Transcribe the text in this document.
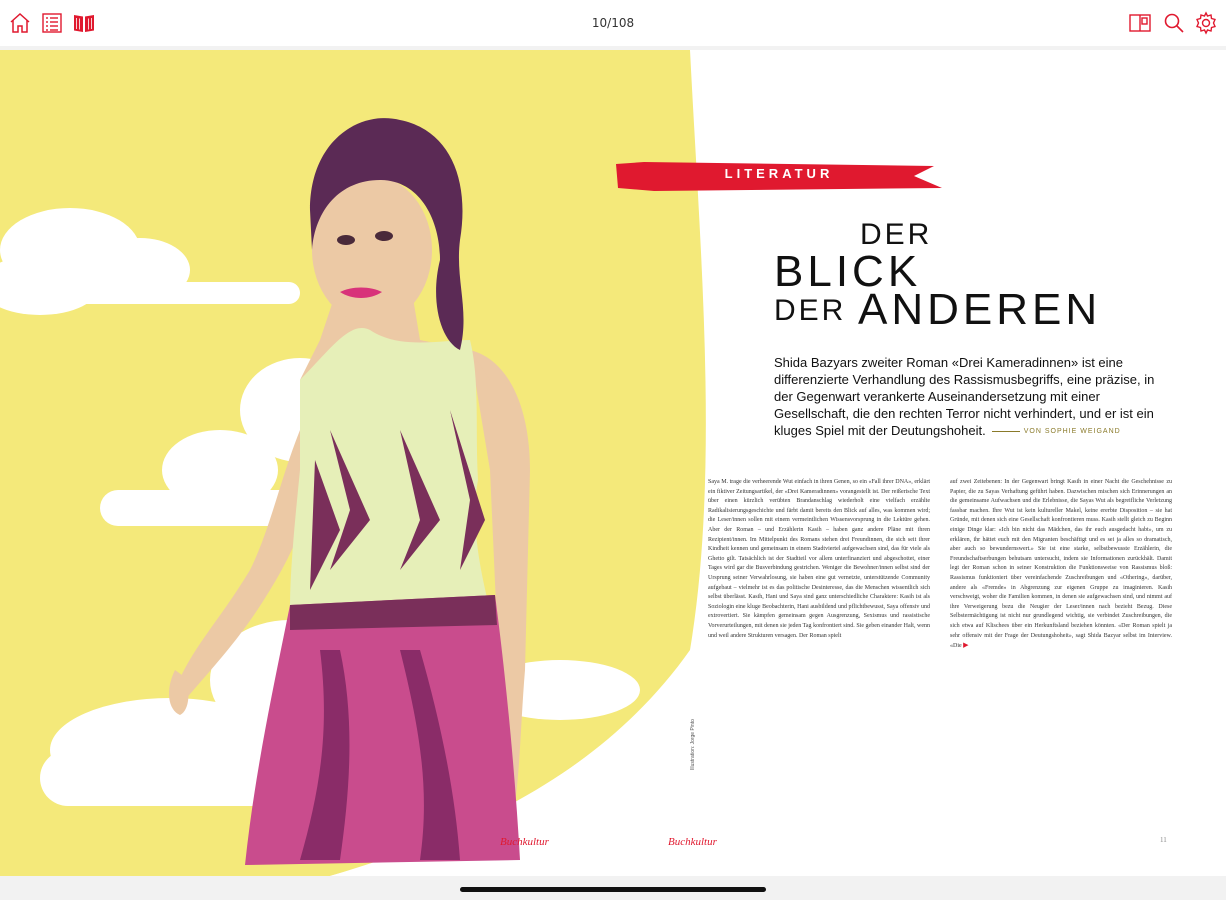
10/108
LITERATUR
DER
BLICK
DER ANDEREN
Shida Bazyars zweiter Roman «Drei Kameradinnen» ist eine differenzierte Verhandlung des Rassismusbegriffs, eine präzise, in der Gegenwart verankerte Auseinandersetzung mit einer Gesellschaft, die den rechten Terror nicht verhindert, und er ist ein kluges Spiel mit der Deutungshoheit.	VON SOPHIE WEIGAND
Saya M. trage die verheerende Wut einfach in ihren Genen, so ein «Fall ihrer DNA», erklärt ein fiktiver Zeitungsartikel, der «Drei Kameradinnen» vorangestellt ist. Der reißerische Text über einen kürzlich verübten Brandanschlag wiederholt eine vielfach erzählte Radikalisierungsgeschichte und färbt damit bereits den Blick auf alles, was kommen wird; die Leser/innen sollen mit einem vermeintlichen Wissensvorsprung in die Lektüre gehen. Aber der Roman – und Erzählerin Kasih – haben ganz andere Pläne mit ihren Rezipient/innen. Im Mittelpunkt des Romans stehen drei Freundinnen, die sich seit ihrer Kindheit kennen und gemeinsam in einem Stadtviertel aufgewachsen sind, das für viele als Ghetto gilt. Tatsächlich ist der Stadtteil vor allem unterfinanziert und abgeschottet, einer Tages wird gar die Busverbindung gestrichen. Weniger die Bewohner/innen selbst sind der Ursprung seiner Verwahrlosung, sie haben eine gut vernetzte, unterstützende Community aufgebaut – vielmehr ist es das politische Desinteresse, das die Menschen wissentlich sich selbst überlässt. Kasih, Hani und Saya sind ganz unterschiedliche Charaktere: Kasih ist als Soziologin eine kluge Beobachterin, Hani ausbildend und pflichtbewusst, Saya offensiv und extrovertiert. Sie kämpfen gemeinsam gegen Ausgrenzung, Sexismus und rassistische Vorverurteilungen, mit denen sie jeden Tag konfrontiert sind. Sie geben einander Halt, wenn und weil andere Strukturen versagen. Der Roman spielt
auf zwei Zeitebenen: In der Gegenwart bringt Kasih in einer Nacht die Geschehnisse zu Papier, die zu Sayas Verhaftung geführt haben. Dazwischen mischen sich Erinnerungen an die gemeinsame Aufwachsen und die Erlebnisse, die Sayas Wut als begreifliche Verletzung fassbar machen. Ihre Wut ist kein kultureller Makel, keine ererbte Disposition – sie hat Gründe, mit denen sich eine Gesellschaft konfrontieren muss. Kasih stellt gleich zu Beginn einige Dinge klar: «Ich bin nicht das Mädchen, das ihr euch ausgedacht habt», um zu erklären, ihr hättet euch mit den Migranten beschäftigt und es sei ja alles so dramatisch, aber auch so bewundernswert.» Sie ist eine starke, selbstbewusste Erzählerin, die Freundschaftserbungen behutsam untersucht, indem sie Informationen zurückhält. Damit legt der Roman schon in seiner Konstruktion die Funktionsweise von Rassismus bloß: Rassismus funktioniert über vereinfachende Zuschreibungen und «Othering», darüber, andere als «Fremde» in Abgrenzung zur eigenen Gruppe zu imaginieren. Kasih verschweigt, woher die Familien kommen, in denen sie aufgewachsen sind, und nimmt auf ihre Verweigerung bezu die Neugier der Leser/innen nach bezieht Bezug. Diese Selbstermächtigung ist nicht nur grundlegend wichtig, sie verbindet Zuschreibungen, die sich etwa auf Klischees über ein Herkunftsland beziehen könnten. «Der Roman spielt ja sehr offensiv mit der Frage der Deutungshoheit», sagt Shida Bazyar selbst im Interview. «Die ▶
Illustration: Jorge Pinto
Buchkultur	Buchkultur	11
